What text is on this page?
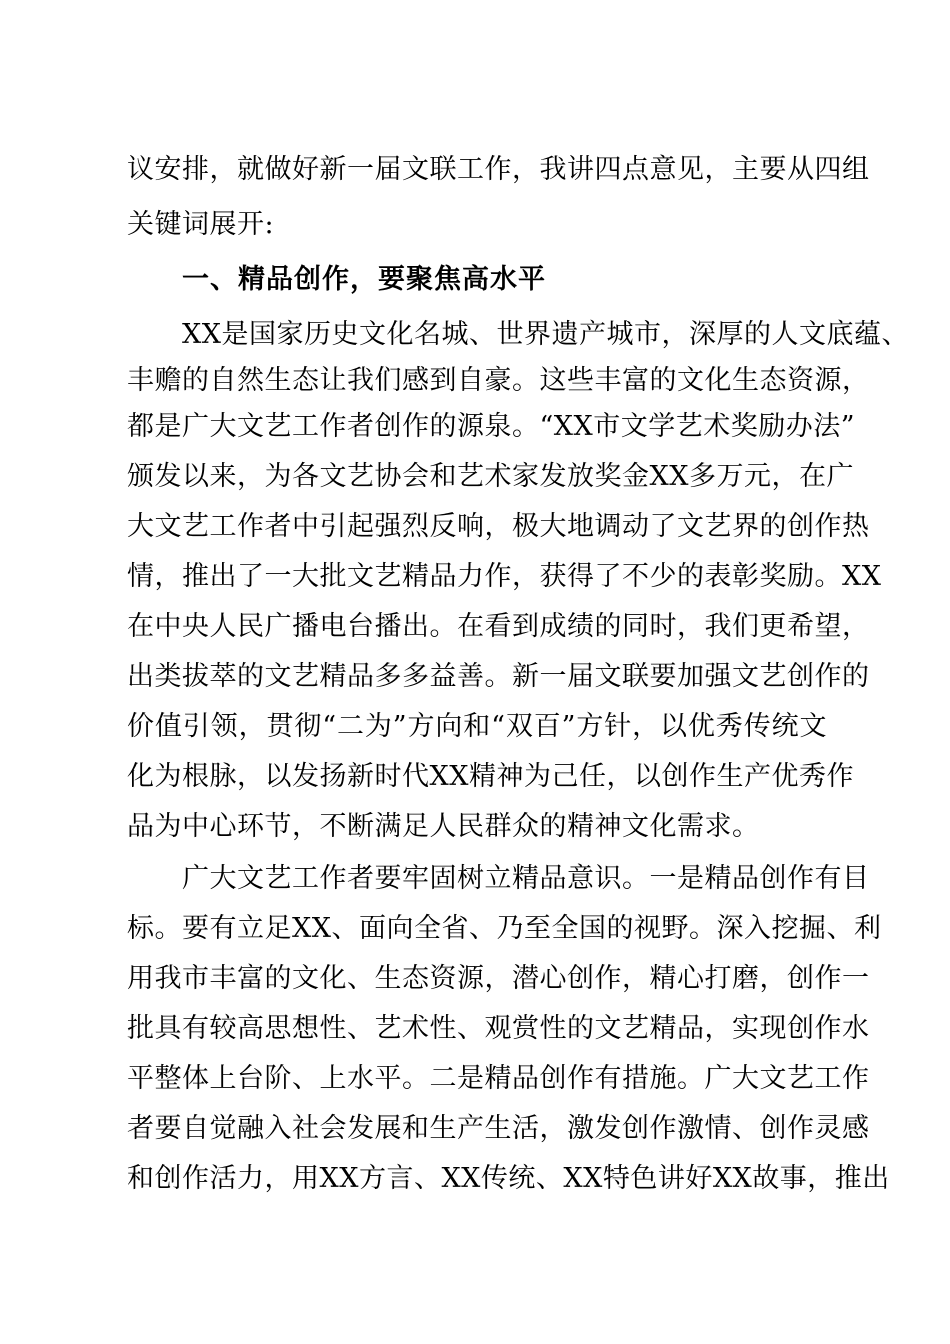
议安排，就做好新一届文联工作，我讲四点意见，主要从四组
关键词展开:
一、精品创作，要聚焦高水平
XX是国家历史文化名城、世界遗产城市，深厚的人文底蕴、
丰赡的自然生态让我们感到自豪。这些丰富的文化生态资源，
都是广大文艺工作者创作的源泉。“XX市文学艺术奖励办法”
颁发以来，为各文艺协会和艺术家发放奖金XX多万元，在广
大文艺工作者中引起强烈反响，极大地调动了文艺界的创作热
情，推出了一大批文艺精品力作，获得了不少的表彰奖励。XX
在中央人民广播电台播出。在看到成绩的同时，我们更希望，
出类拔萃的文艺精品多多益善。新一届文联要加强文艺创作的
价值引领，贯彻“二为”方向和“双百”方针，以优秀传统文
化为根脉，以发扬新时代XX精神为己任，以创作生产优秀作
品为中心环节，不断满足人民群众的精神文化需求。
广大文艺工作者要牢固树立精品意识。一是精品创作有目
标。要有立足XX、面向全省、乃至全国的视野。深入挖掘、利
用我市丰富的文化、生态资源，潜心创作，精心打磨，创作一
批具有较高思想性、艺术性、观赏性的文艺精品，实现创作水
平整体上台阶、上水平。二是精品创作有措施。广大文艺工作
者要自觉融入社会发展和生产生活，激发创作激情、创作灵感
和创作活力，用XX方言、XX传统、XX特色讲好XX故事，推出
